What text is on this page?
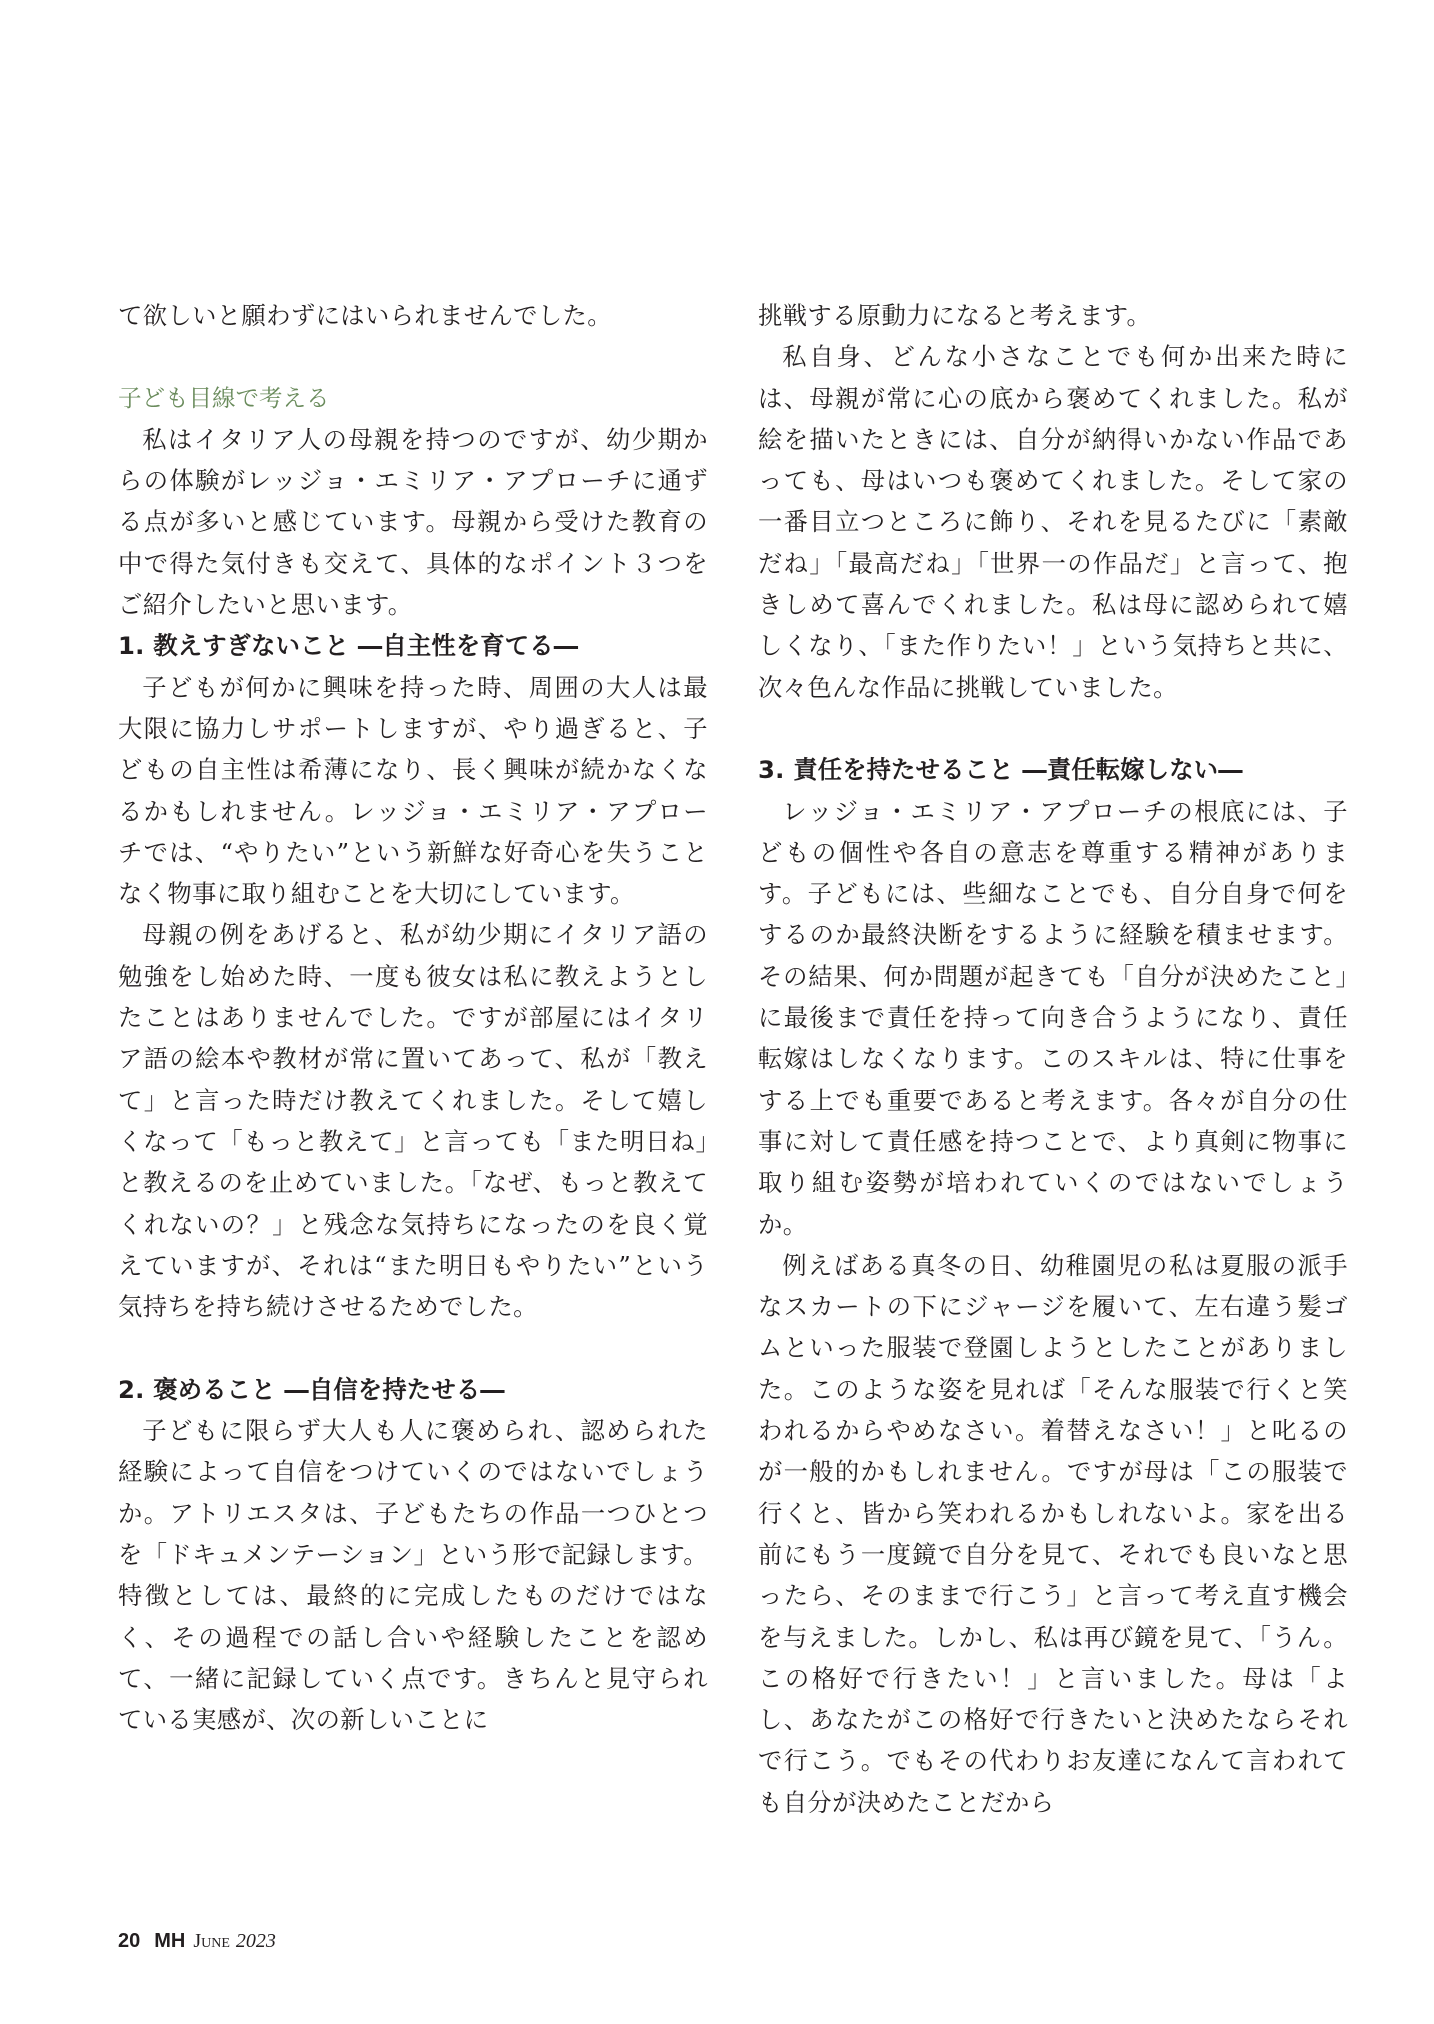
て欲しいと願わずにはいられませんでした。

子ども目線で考える

私はイタリア人の母親を持つのですが、幼少期からの体験がレッジョ・エミリア・アプローチに通ずる点が多いと感じています。母親から受けた教育の中で得た気付きも交えて、具体的なポイント３つをご紹介したいと思います。

1. 教えすぎないこと ―自主性を育てる―

子どもが何かに興味を持った時、周囲の大人は最大限に協力しサポートしますが、やり過ぎると、子どもの自主性は希薄になり、長く興味が続かなくなるかもしれません。レッジョ・エミリア・アプローチでは、“やりたい”という新鮮な好奇心を失うことなく物事に取り組むことを大切にしています。

母親の例をあげると、私が幼少期にイタリア語の勉強をし始めた時、一度も彼女は私に教えようとしたことはありませんでした。ですが部屋にはイタリア語の絵本や教材が常に置いてあって、私が「教えて」と言った時だけ教えてくれました。そして嬉しくなって「もっと教えて」と言っても「また明日ね」と教えるのを止めていました。「なぜ、もっと教えてくれないの？」と残念な気持ちになったのを良く覚えていますが、それは“また明日もやりたい”という気持ちを持ち続けさせるためでした。

2. 褒めること ―自信を持たせる―

子どもに限らず大人も人に褒められ、認められた経験によって自信をつけていくのではないでしょうか。アトリエスタは、子どもたちの作品一つひとつを「ドキュメンテーション」という形で記録します。特徴としては、最終的に完成したものだけではなく、その過程での話し合いや経験したことを認めて、一緒に記録していく点です。きちんと見守られている実感が、次の新しいことに

挑戦する原動力になると考えます。

私自身、どんな小さなことでも何か出来た時には、母親が常に心の底から褒めてくれました。私が絵を描いたときには、自分が納得いかない作品であっても、母はいつも褒めてくれました。そして家の一番目立つところに飾り、それを見るたびに「素敵だね」「最高だね」「世界一の作品だ」と言って、抱きしめて喜んでくれました。私は母に認められて嬉しくなり、「また作りたい！」という気持ちと共に、次々色んな作品に挑戦していました。

3. 責任を持たせること ―責任転嫁しない―

レッジョ・エミリア・アプローチの根底には、子どもの個性や各自の意志を尊重する精神があります。子どもには、些細なことでも、自分自身で何をするのか最終決断をするように経験を積ませます。その結果、何か問題が起きても「自分が決めたこと」に最後まで責任を持って向き合うようになり、責任転嫁はしなくなります。このスキルは、特に仕事をする上でも重要であると考えます。各々が自分の仕事に対して責任感を持つことで、より真剣に物事に取り組む姿勢が培われていくのではないでしょうか。

例えばある真冬の日、幼稚園児の私は夏服の派手なスカートの下にジャージを履いて、左右違う髪ゴムといった服装で登園しようとしたことがありました。このような姿を見れば「そんな服装で行くと笑われるからやめなさい。着替えなさい！」と叱るのが一般的かもしれません。ですが母は「この服装で行くと、皆から笑われるかもしれないよ。家を出る前にもう一度鏡で自分を見て、それでも良いなと思ったら、そのままで行こう」と言って考え直す機会を与えました。しかし、私は再び鏡を見て、「うん。この格好で行きたい！」と言いました。母は「よし、あなたがこの格好で行きたいと決めたならそれで行こう。でもその代わりお友達になんて言われても自分が決めたことだから

20 MH June 2023
